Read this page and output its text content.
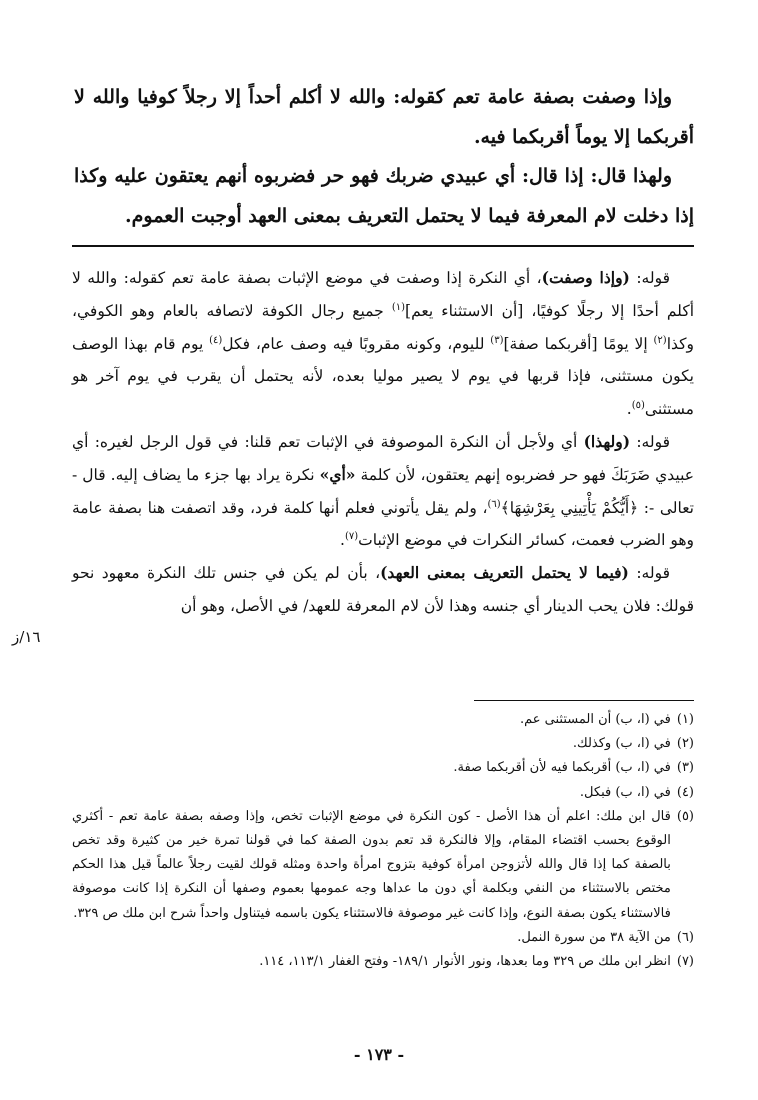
وإذا وصفت بصفة عامة تعم كقوله: والله لا أكلم أحداً إلا رجلاً كوفيا والله لا أقربكما إلا يوماً أقربكما فيه.

ولهذا قال: إذا قال: أي عبيدي ضربك فهو حر فضربوه أنهم يعتقون عليه وكذا إذا دخلت لام المعرفة فيما لا يحتمل التعريف بمعنى العهد أوجبت العموم.

قوله: (وإذا وصفت)، أي النكرة إذا وصفت في موضع الإثبات بصفة عامة تعم كقوله: والله لا أكلم أحدًا إلا رجلًا كوفيًا، [أن الاستثناء يعم]$^{(١)}$ جميع رجال الكوفة لاتصافه بالعام وهو الكوفي، وكذا$^{(٢)}$ إلا يومًا [أقربكما صفة]$^{(٣)}$ لليوم، وكونه مقروبًا فيه وصف عام، فكل$^{(٤)}$ يوم قام بهذا الوصف يكون مستثنى، فإذا قربها في يوم لا يصير موليا بعده، لأنه يحتمل أن يقرب في يوم آخر هو مستثنى$^{(٥)}$.

قوله: (ولهذا) أي ولأجل أن النكرة الموصوفة في الإثبات تعم قلنا: في قول الرجل لغيره: أي عبيدي ضَرَبَكَ فهو حر فضربوه إنهم يعتقون، لأن كلمة «أي» نكرة يراد بها جزء ما يضاف إليه. قال - تعالى -: ﴿أَيُّكُمْ يَأْتِينِي بِعَرْشِهَا﴾$^{(٦)}$، ولم يقل يأتوني فعلم أنها كلمة فرد، وقد اتصفت هنا بصفة عامة وهو الضرب فعمت، كسائر النكرات في موضع الإثبات$^{(٧)}$.

قوله: (فيما لا يحتمل التعريف بمعنى العهد)، بأن لم يكن في جنس تلك النكرة معهود نحو قولك: فلان يحب الدينار أي جنسه وهذا لأن لام المعرفة للعهد/ في الأصل، وهو أن

١٦/ز
(١)
في (ا، ب) أن المستثنى عم.
(٢)
في (ا، ب) وكذلك.
(٣)
في (ا، ب) أقربكما فيه لأن أقربكما صفة.
(٤)
في (ا، ب) فبكل.
(٥)
قال ابن ملك: اعلم أن هذا الأصل - كون النكرة في موضع الإثبات تخص، وإذا وصفه بصفة عامة تعم - أكثري الوقوع بحسب اقتضاء المقام، وإلا فالنكرة قد تعم بدون الصفة كما في قولنا تمرة خير من كثيرة وقد تخص بالصفة كما إذا قال والله لأتزوجن امرأة كوفية بتزوج امرأة واحدة ومثله قولك لقيت رجلاً عالماً قيل هذا الحكم مختص بالاستثناء من النفي وبكلمة أي دون ما عداها وجه عمومها بعموم وصفها أن النكرة إذا كانت موصوفة فالاستثناء يكون بصفة النوع، وإذا كانت غير موصوفة فالاستثناء يكون باسمه فيتناول واحداً شرح ابن ملك ص ٣٢٩.
(٦)
من الآية ٣٨ من سورة النمل.
(٧)
انظر ابن ملك ص ٣٢٩ وما بعدها، ونور الأنوار ١٨٩/١- وفتح الغفار ١١٣/١، ١١٤.
- ١٧٣ -
